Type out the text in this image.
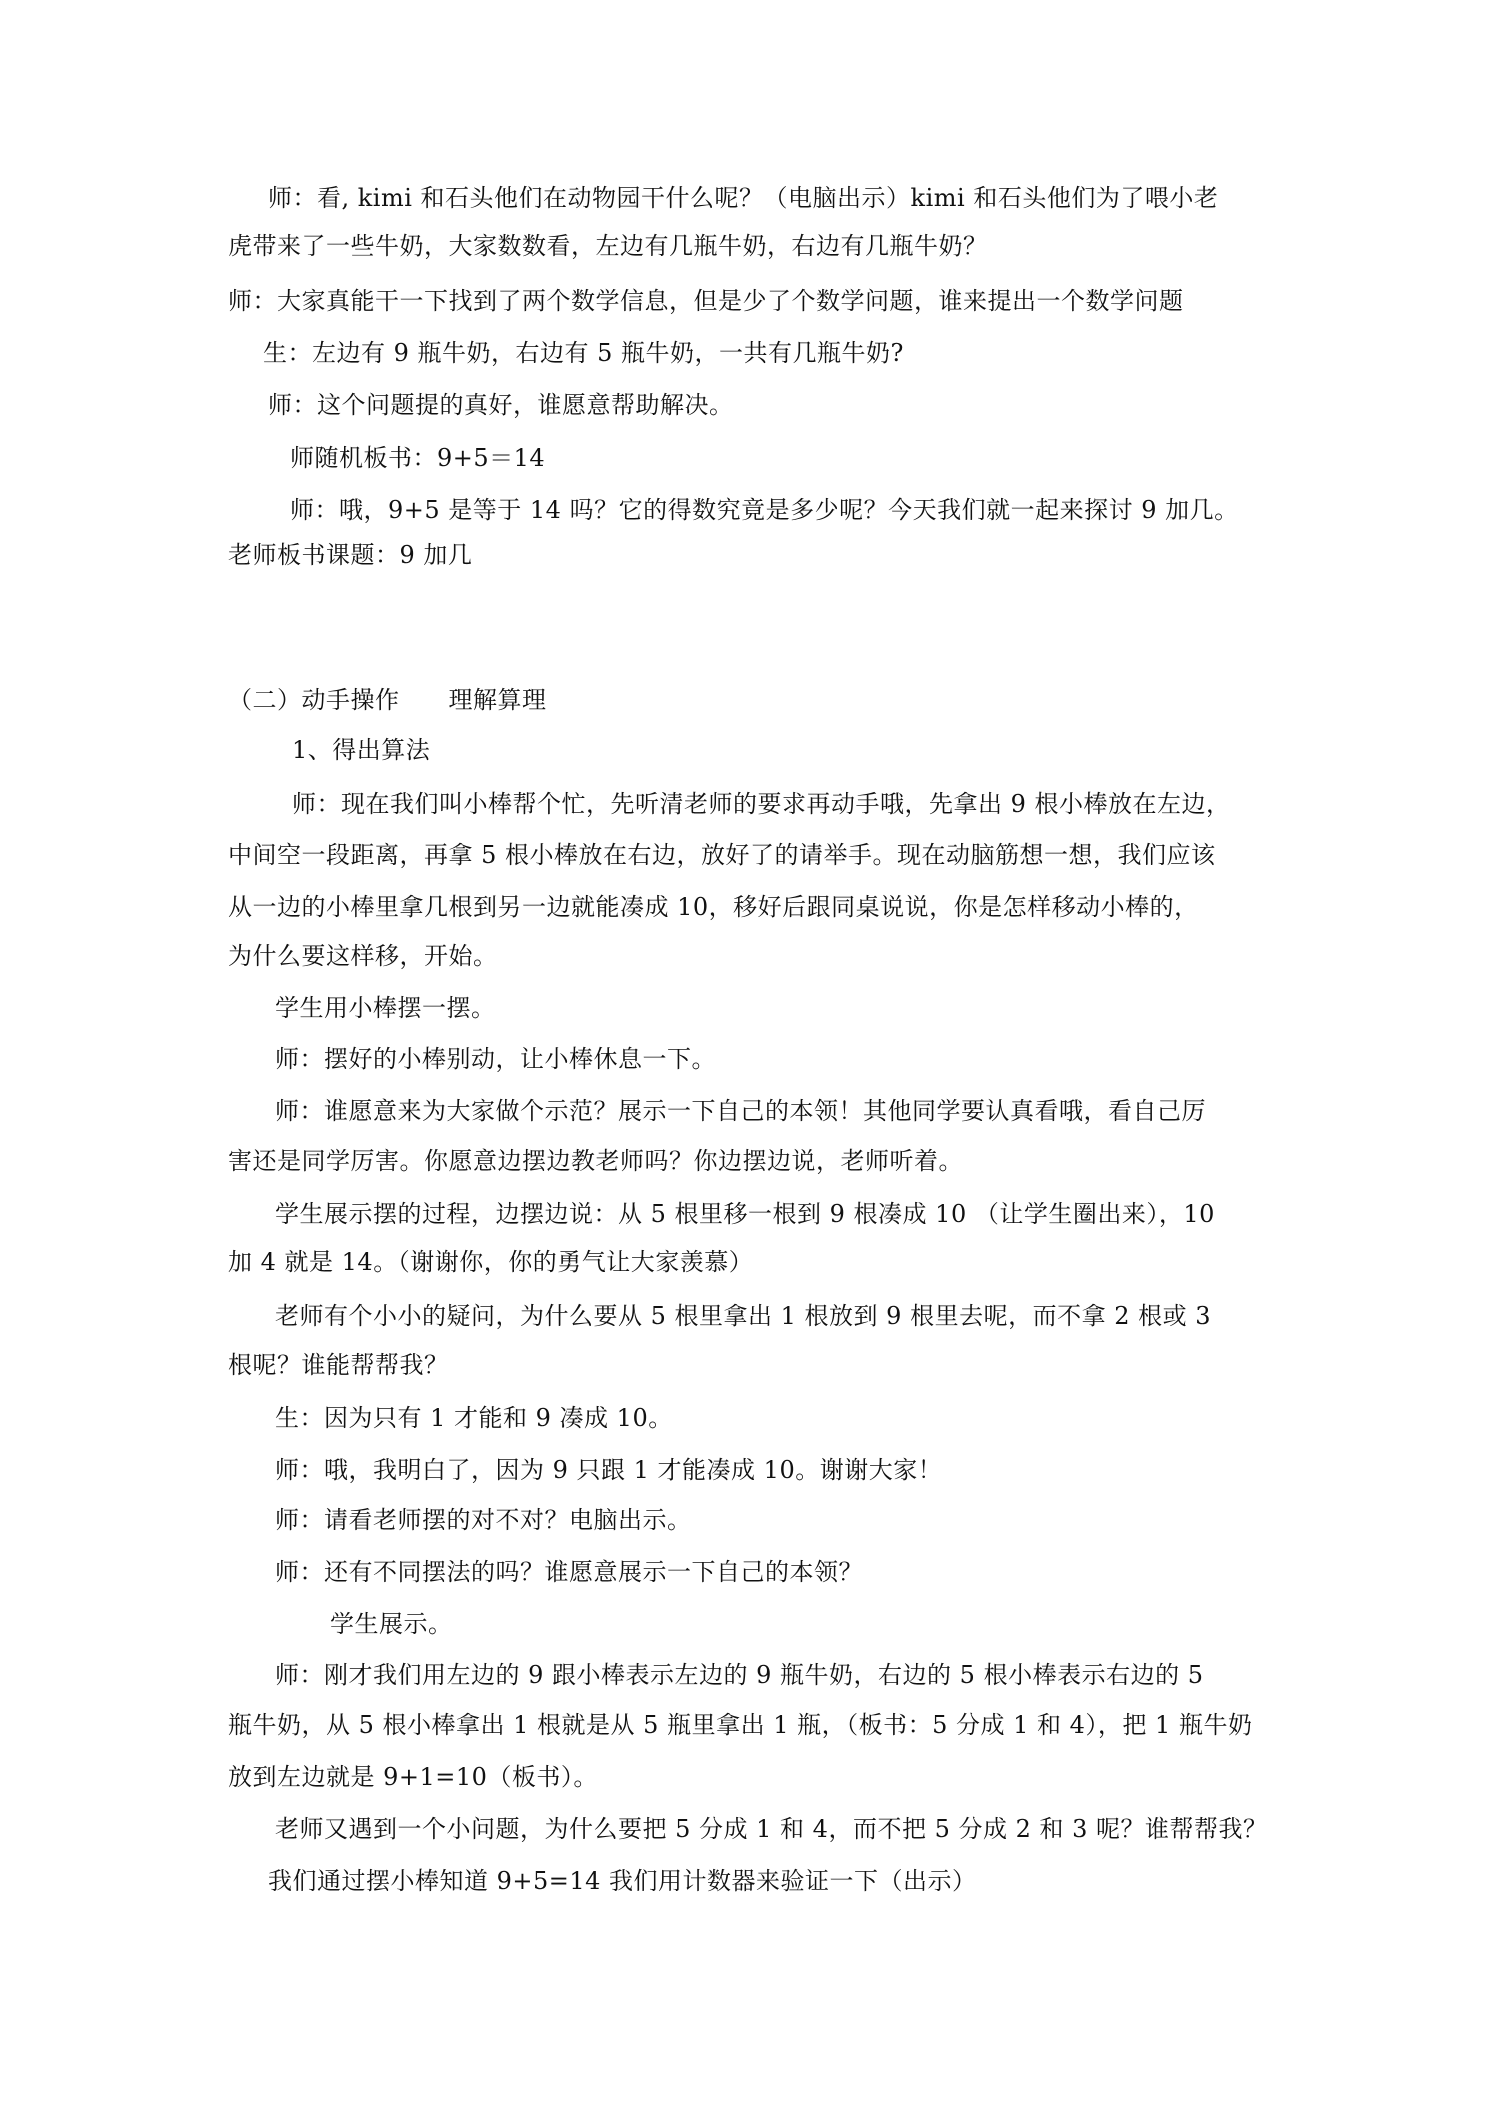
师：看, kimi 和石头他们在动物园干什么呢？（电脑出示）kimi 和石头他们为了喂小老
虎带来了一些牛奶，大家数数看，左边有几瓶牛奶，右边有几瓶牛奶？
师：大家真能干一下找到了两个数学信息，但是少了个数学问题，谁来提出一个数学问题
生：左边有 9 瓶牛奶，右边有 5 瓶牛奶，一共有几瓶牛奶?
师：这个问题提的真好，谁愿意帮助解决。
师随机板书：9+5＝14
师：哦，9+5 是等于 14 吗？它的得数究竟是多少呢？今天我们就一起来探讨 9 加几。
老师板书课题：9 加几
（二）动手操作　　理解算理
1、得出算法
师：现在我们叫小棒帮个忙，先听清老师的要求再动手哦，先拿出 9 根小棒放在左边，
中间空一段距离，再拿 5 根小棒放在右边，放好了的请举手。现在动脑筋想一想，我们应该
从一边的小棒里拿几根到另一边就能凑成 10，移好后跟同桌说说，你是怎样移动小棒的，
为什么要这样移，开始。
学生用小棒摆一摆。
师：摆好的小棒别动，让小棒休息一下。
师：谁愿意来为大家做个示范？展示一下自己的本领！其他同学要认真看哦，看自己厉
害还是同学厉害。你愿意边摆边教老师吗？你边摆边说，老师听着。
学生展示摆的过程，边摆边说：从 5 根里移一根到 9 根凑成 10 （让学生圈出来），10
加 4 就是 14。（谢谢你，你的勇气让大家羡慕）
老师有个小小的疑问，为什么要从 5 根里拿出 1 根放到 9 根里去呢，而不拿 2 根或 3
根呢？谁能帮帮我？
生：因为只有 1 才能和 9 凑成 10。
师：哦，我明白了，因为 9 只跟 1 才能凑成 10。谢谢大家！
师：请看老师摆的对不对？电脑出示。
师：还有不同摆法的吗？谁愿意展示一下自己的本领？
学生展示。
师：刚才我们用左边的 9 跟小棒表示左边的 9 瓶牛奶，右边的 5 根小棒表示右边的 5
瓶牛奶，从 5 根小棒拿出 1 根就是从 5 瓶里拿出 1 瓶，（板书：5 分成 1 和 4），把 1 瓶牛奶
放到左边就是 9+1=10（板书）。
老师又遇到一个小问题，为什么要把 5 分成 1 和 4，而不把 5 分成 2 和 3 呢？谁帮帮我？
我们通过摆小棒知道 9+5=14 我们用计数器来验证一下（出示）
